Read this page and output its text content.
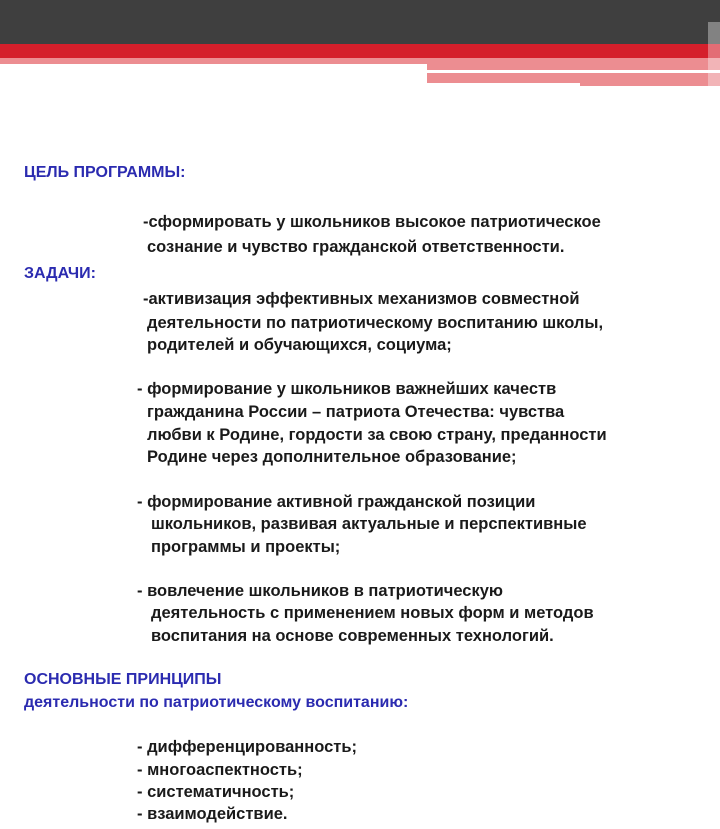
ЦЕЛЬ ПРОГРАММЫ:

-сформировать у школьников высокое патриотическое

сознание и чувство гражданской ответственности.

ЗАДАЧИ:

-активизация эффективных механизмов совместной

деятельности по патриотическому воспитанию школы,

родителей и обучающихся, социума;

- формирование у школьников важнейших качеств

гражданина России – патриота Отечества: чувства

любви к Родине, гордости за свою страну, преданности

Родине через дополнительное образование;

- формирование активной гражданской позиции

школьников, развивая актуальные и перспективные

программы и проекты;

- вовлечение школьников в патриотическую

деятельность с применением новых форм и методов

воспитания на основе современных технологий.

ОСНОВНЫЕ ПРИНЦИПЫ

деятельности по патриотическому воспитанию:

- дифференцированность;

- многоаспектность;

- систематичность;

- взаимодействие.
